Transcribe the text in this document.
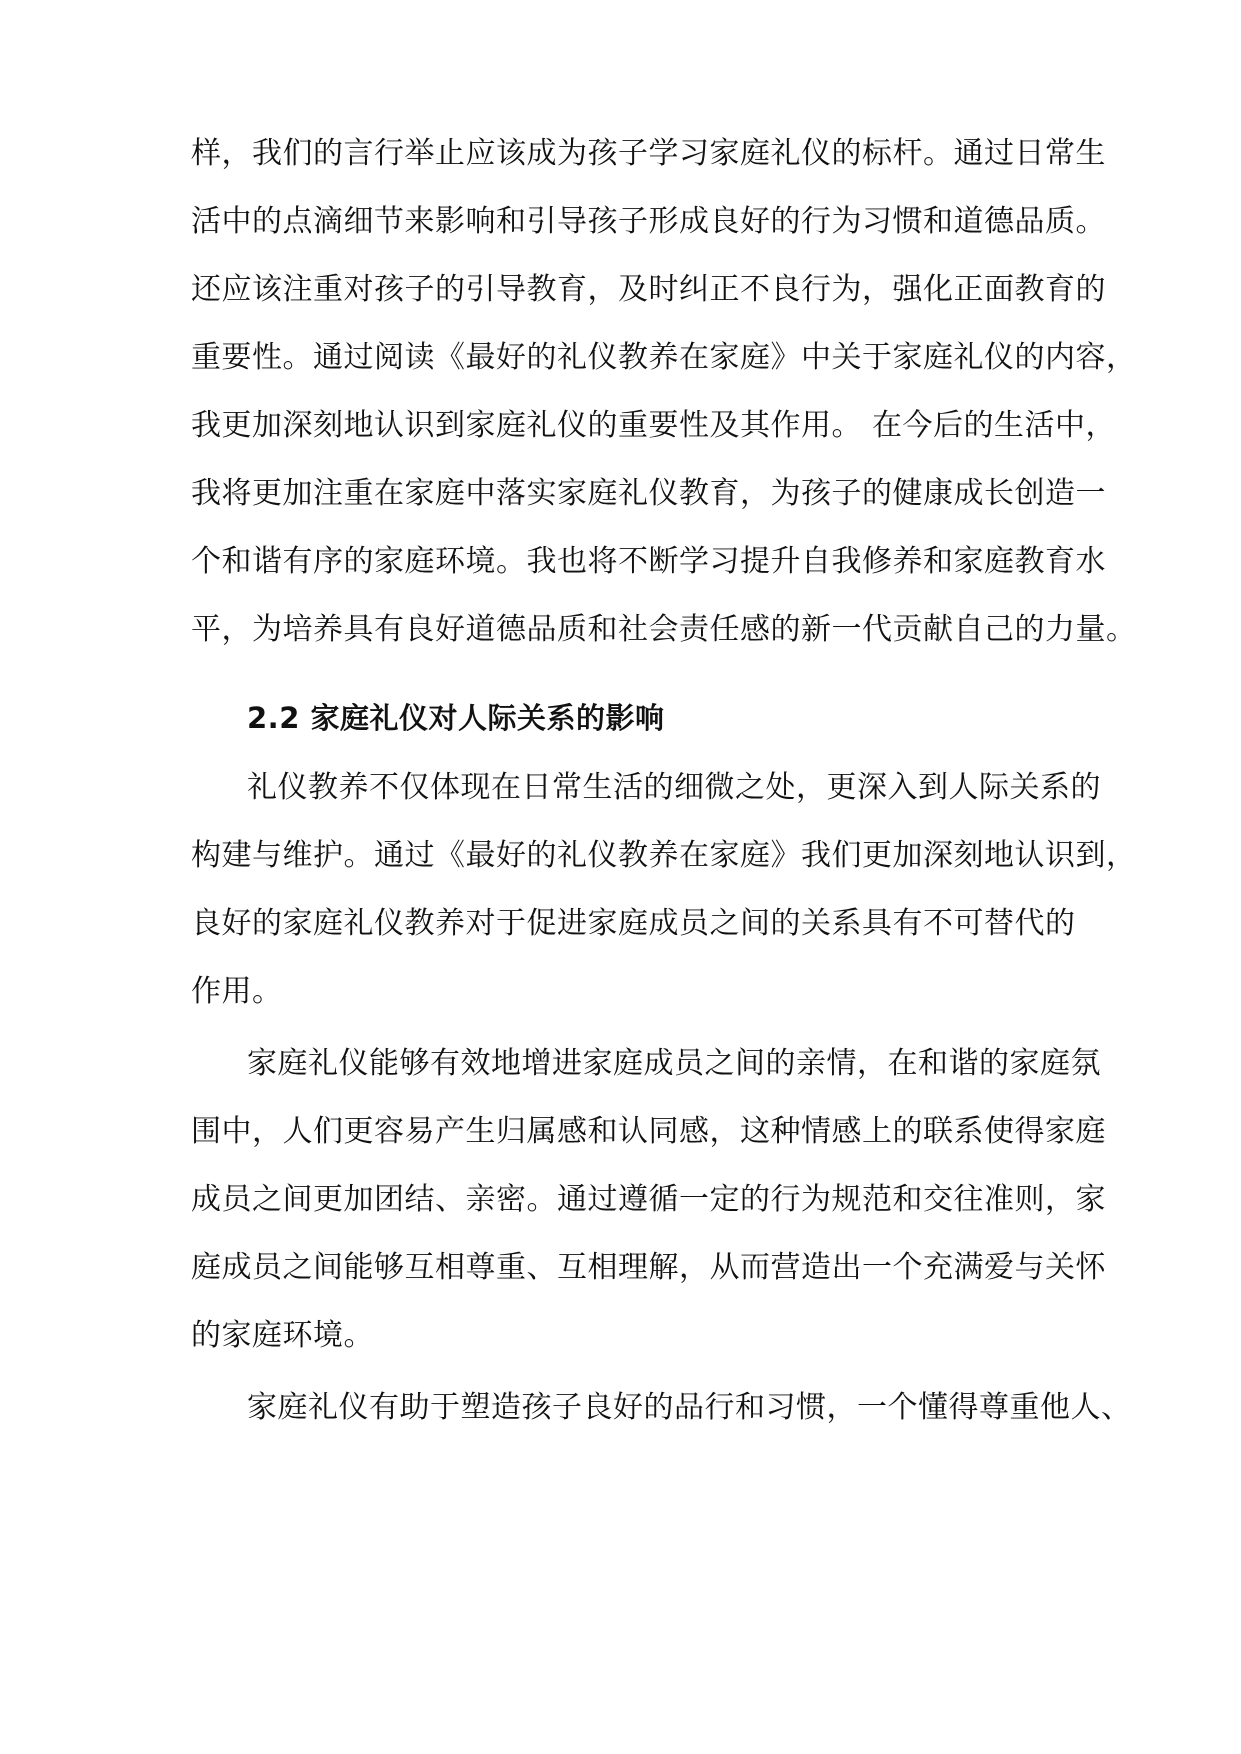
样，我们的言行举止应该成为孩子学习家庭礼仪的标杆。通过日常生
活中的点滴细节来影响和引导孩子形成良好的行为习惯和道德品质。
还应该注重对孩子的引导教育，及时纠正不良行为，强化正面教育的
重要性。通过阅读《最好的礼仪教养在家庭》中关于家庭礼仪的内容，
我更加深刻地认识到家庭礼仪的重要性及其作用。 在今后的生活中，
我将更加注重在家庭中落实家庭礼仪教育，为孩子的健康成长创造一
个和谐有序的家庭环境。我也将不断学习提升自我修养和家庭教育水
平，为培养具有良好道德品质和社会责任感的新一代贡献自己的力量。
2.2 家庭礼仪对人际关系的影响
礼仪教养不仅体现在日常生活的细微之处，更深入到人际关系的
构建与维护。通过《最好的礼仪教养在家庭》我们更加深刻地认识到，
良好的家庭礼仪教养对于促进家庭成员之间的关系具有不可替代的
作用。
家庭礼仪能够有效地增进家庭成员之间的亲情，在和谐的家庭氛
围中，人们更容易产生归属感和认同感，这种情感上的联系使得家庭
成员之间更加团结、亲密。通过遵循一定的行为规范和交往准则，家
庭成员之间能够互相尊重、互相理解，从而营造出一个充满爱与关怀
的家庭环境。
家庭礼仪有助于塑造孩子良好的品行和习惯，一个懂得尊重他人、
